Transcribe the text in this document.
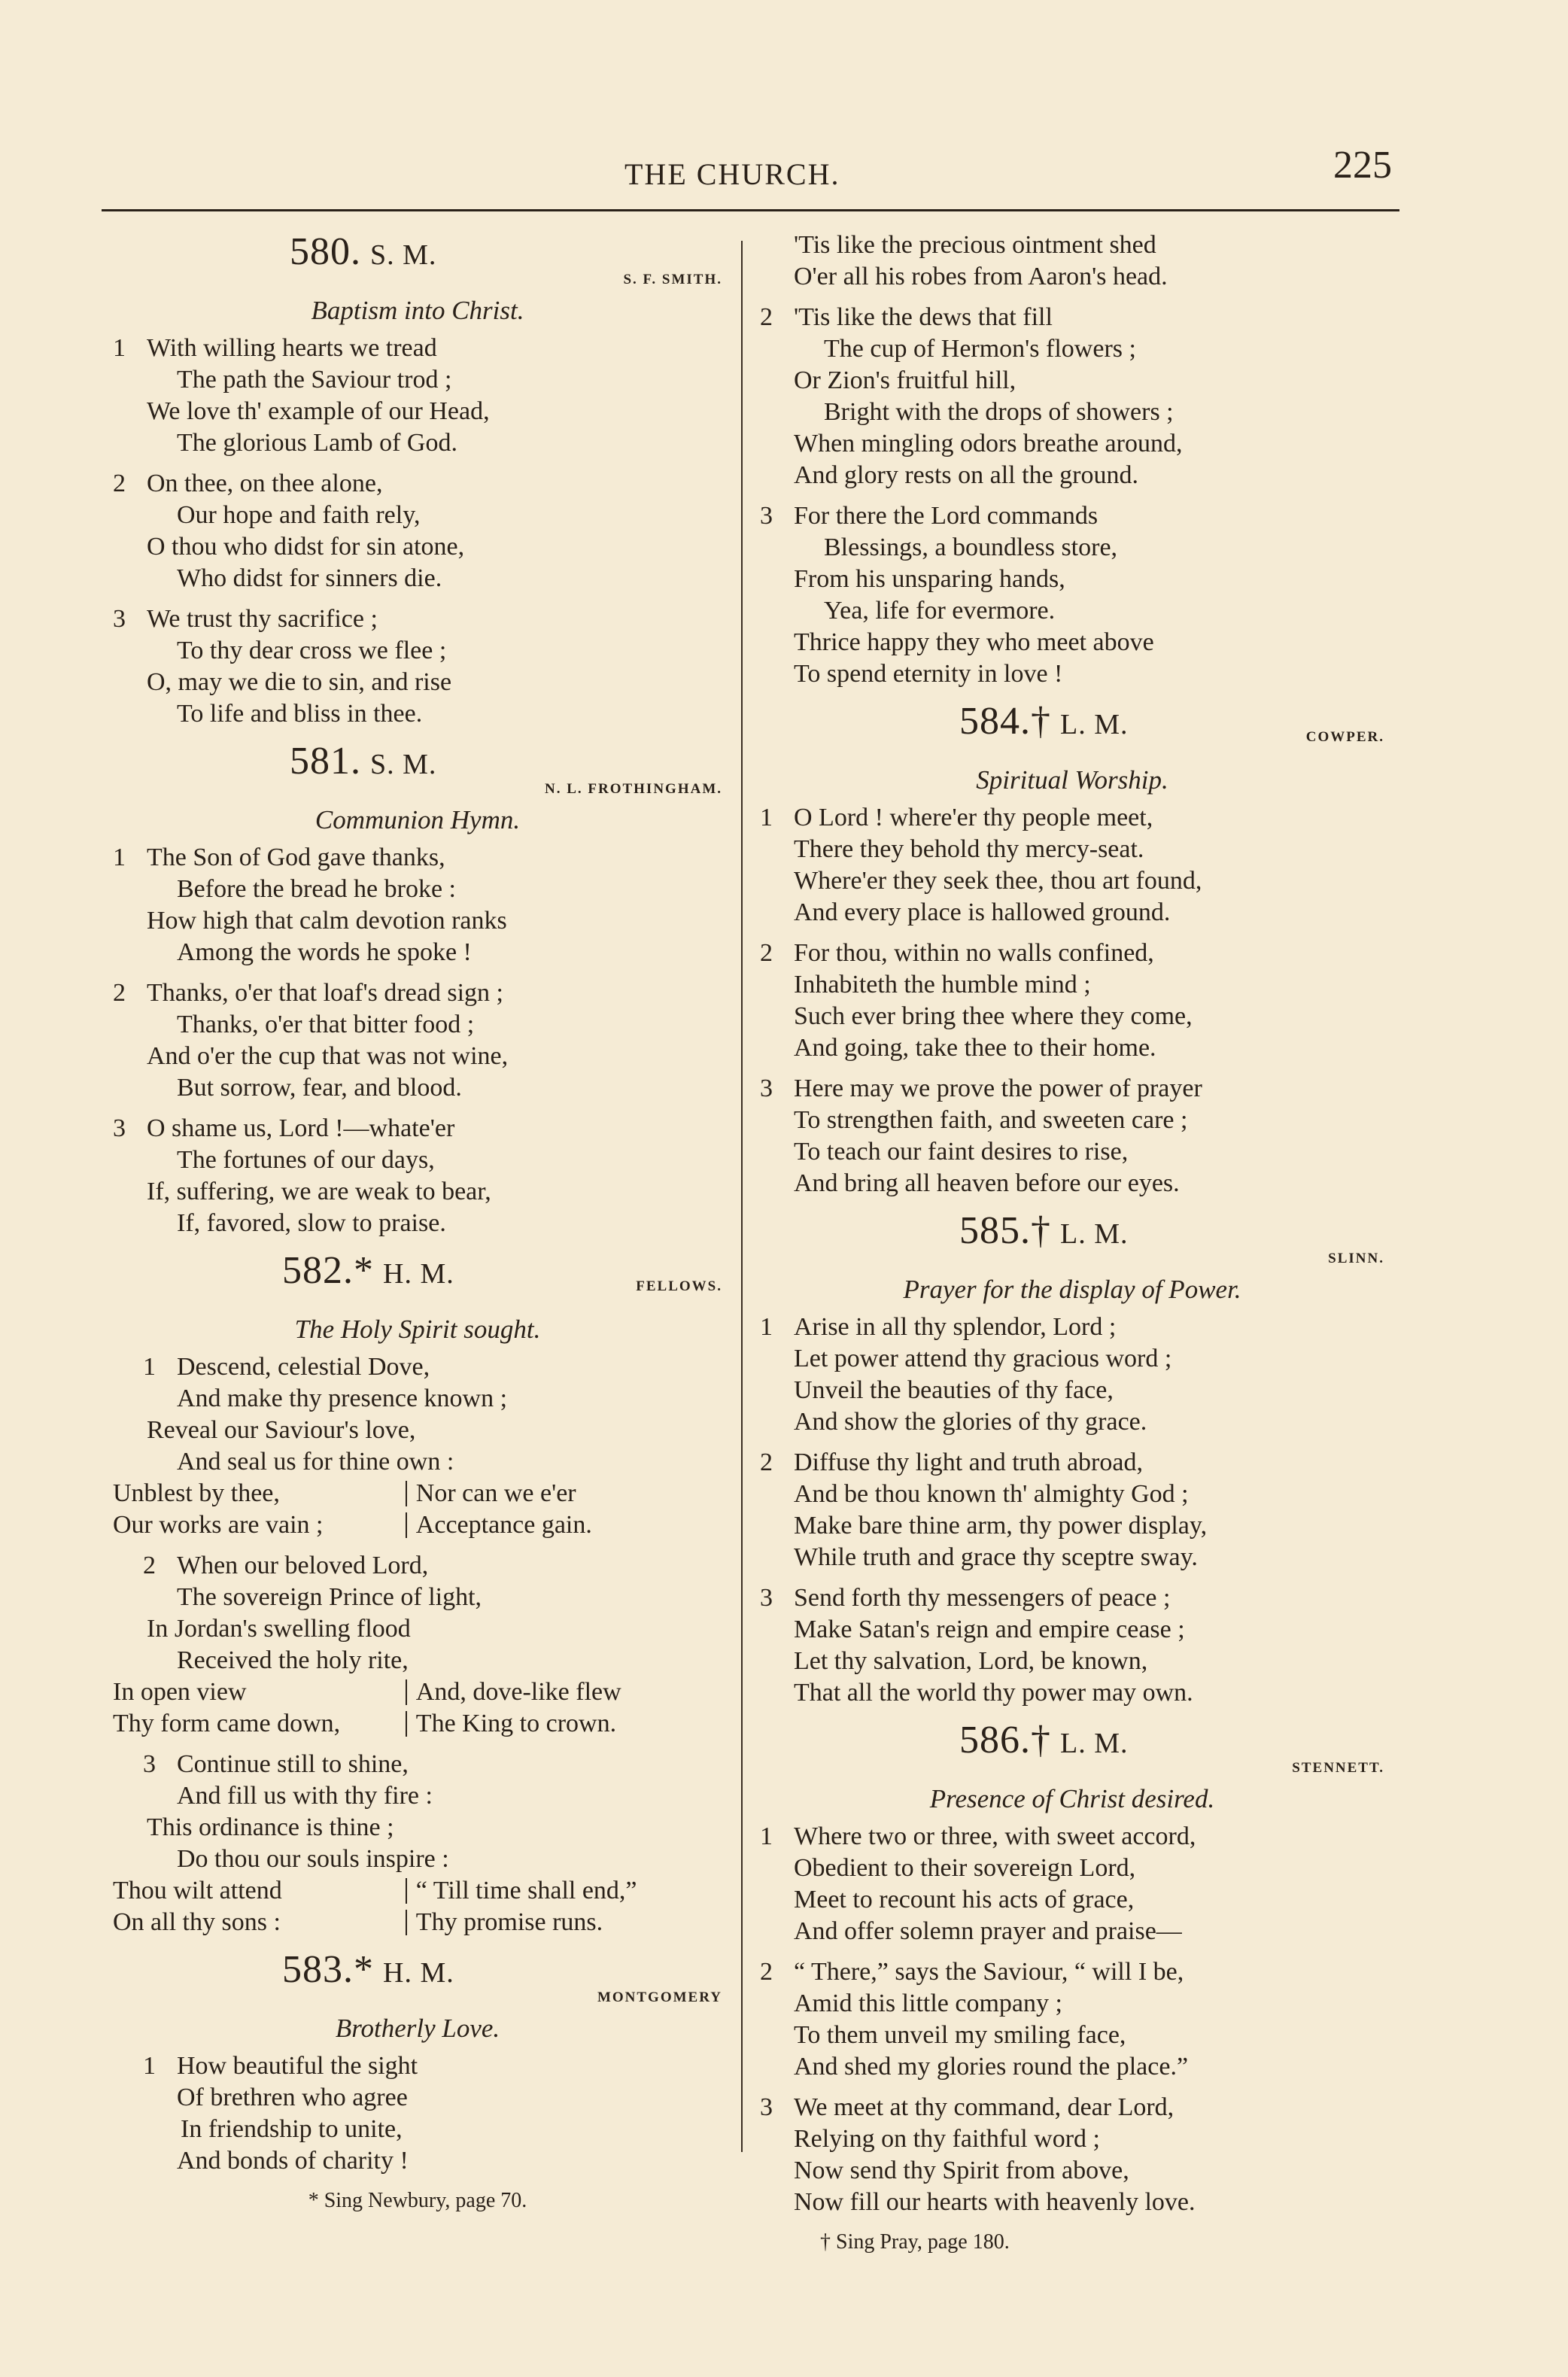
THE CHURCH.	225
580. S. M.
S. F. SMITH.
Baptism into Christ.
1 With willing hearts we tread
The path the Saviour trod ;
We love th' example of our Head,
The glorious Lamb of God.
2 On thee, on thee alone,
Our hope and faith rely,
O thou who didst for sin atone,
Who didst for sinners die.
3 We trust thy sacrifice ;
To thy dear cross we flee ;
O, may we die to sin, and rise
To life and bliss in thee.
581. S. M.
N. L. FROTHINGHAM.
Communion Hymn.
1 The Son of God gave thanks,
Before the bread he broke :
How high that calm devotion ranks
Among the words he spoke !
2 Thanks, o'er that loaf's dread sign ;
Thanks, o'er that bitter food ;
And o'er the cup that was not wine,
But sorrow, fear, and blood.
3 O shame us, Lord !—whate'er
The fortunes of our days,
If, suffering, we are weak to bear,
If, favored, slow to praise.
582.* H. M.	FELLOWS.
The Holy Spirit sought.
1 Descend, celestial Dove,
And make thy presence known ;
Reveal our Saviour's love,
And seal us for thine own :
Unblest by thee,	Nor can we e'er
Our works are vain ;	Acceptance gain.
2 When our beloved Lord,
The sovereign Prince of light,
In Jordan's swelling flood
Received the holy rite,
In open view	And, dove-like flew
Thy form came down,	The King to crown.
3 Continue still to shine,
And fill us with thy fire :
This ordinance is thine ;
Do thou our souls inspire :
Thou wilt attend	“ Till time shall end,”
On all thy sons :	Thy promise runs.
583.* H. M.
MONTGOMERY
Brotherly Love.
1 How beautiful the sight
Of brethren who agree
In friendship to unite,
And bonds of charity !
* Sing Newbury, page 70.
'Tis like the precious ointment shed
O'er all his robes from Aaron's head.
2 'Tis like the dews that fill
The cup of Hermon's flowers ;
Or Zion's fruitful hill,
Bright with the drops of showers ;
When mingling odors breathe around,
And glory rests on all the ground.
3 For there the Lord commands
Blessings, a boundless store,
From his unsparing hands,
Yea, life for evermore.
Thrice happy they who meet above
To spend eternity in love !
584.† L. M.	COWPER.
Spiritual Worship.
1 O Lord ! where'er thy people meet,
There they behold thy mercy-seat.
Where'er they seek thee, thou art found,
And every place is hallowed ground.
2 For thou, within no walls confined,
Inhabiteth the humble mind ;
Such ever bring thee where they come,
And going, take thee to their home.
3 Here may we prove the power of prayer
To strengthen faith, and sweeten care ;
To teach our faint desires to rise,
And bring all heaven before our eyes.
585.† L. M.
SLINN.
Prayer for the display of Power.
1 Arise in all thy splendor, Lord ;
Let power attend thy gracious word ;
Unveil the beauties of thy face,
And show the glories of thy grace.
2 Diffuse thy light and truth abroad,
And be thou known th' almighty God ;
Make bare thine arm, thy power display,
While truth and grace thy sceptre sway.
3 Send forth thy messengers of peace ;
Make Satan's reign and empire cease ;
Let thy salvation, Lord, be known,
That all the world thy power may own.
586.† L. M.
STENNETT.
Presence of Christ desired.
1 Where two or three, with sweet accord,
Obedient to their sovereign Lord,
Meet to recount his acts of grace,
And offer solemn prayer and praise—
2 “ There,” says the Saviour, “ will I be,
Amid this little company ;
To them unveil my smiling face,
And shed my glories round the place.”
3 We meet at thy command, dear Lord,
Relying on thy faithful word ;
Now send thy Spirit from above,
Now fill our hearts with heavenly love.
† Sing Pray, page 180.
